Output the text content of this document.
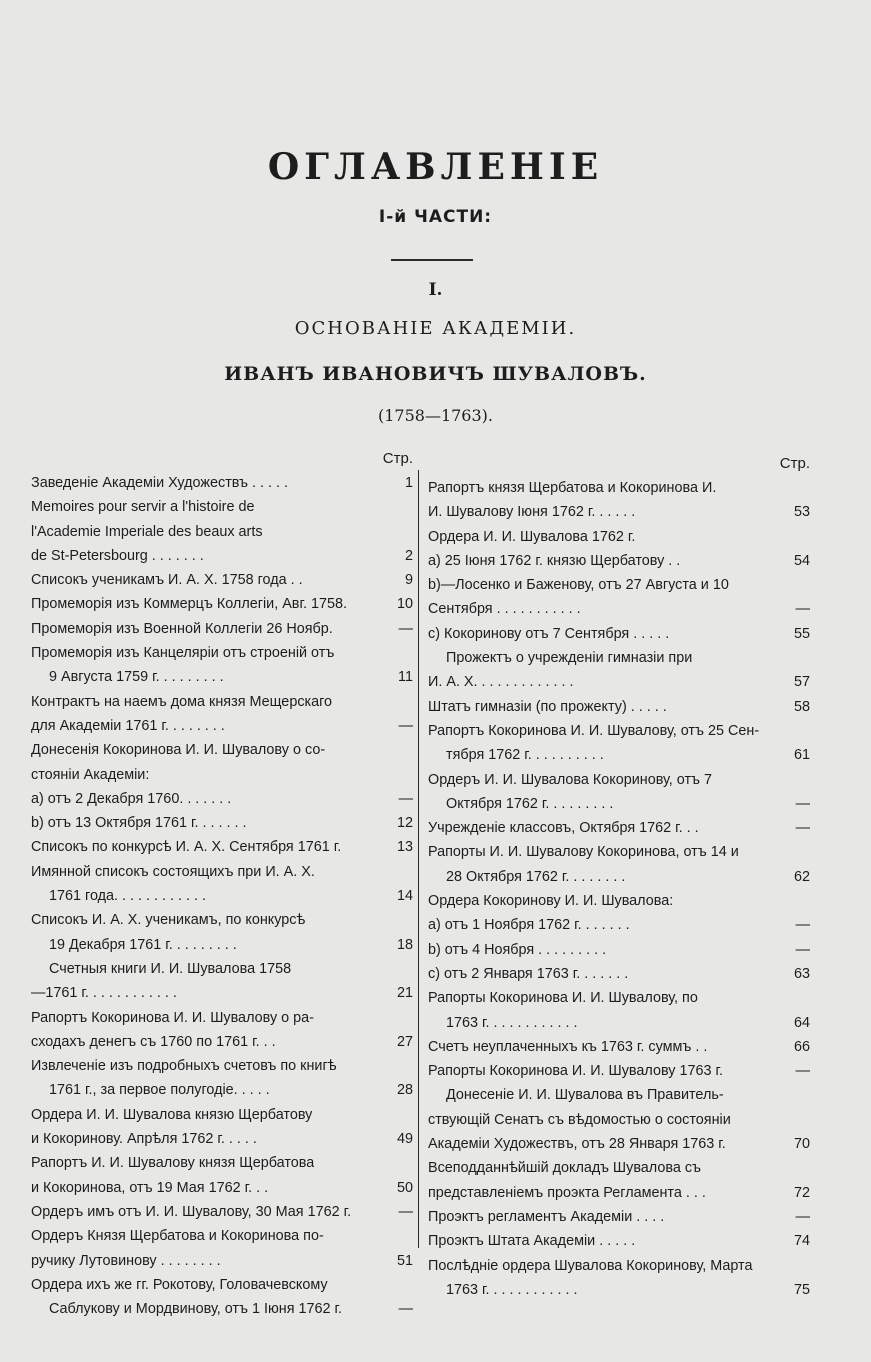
ОГЛАВЛЕНІЕ
І-й ЧАСТИ:
I.
ОСНОВАНІЕ АКАДЕМІИ.
ИВАНЪ ИВАНОВИЧЪ ШУВАЛОВЪ.
(1758—1763).
Стр.
Заведеніе Академіи Художествъ . . . . .	1
Memoires pour servir a l'histoire de
l'Academie Imperiale des beaux arts
de St-Petersbourg . . . . . . .	2
Списокъ ученикамъ И. А. Х. 1758 года . .	9
Промеморія изъ Коммерцъ Коллегіи, Авг. 1758.	10
Промеморія изъ Военной Коллегіи 26 Ноябр.	—
Промеморія изъ Канцеляріи отъ строеній отъ
9 Августа 1759 г. . . . . . . . .	11
Контрактъ на наемъ дома князя Мещерскаго
для Академіи 1761 г. . . . . . . .	—
Донесенія Кокоринова И. И. Шувалову о со-
стояніи Академіи:
a) отъ 2 Декабря 1760. . . . . . .	—
b) отъ 13 Октября 1761 г. . . . . . .	12
Списокъ по конкурсѣ И. А. Х. Сентября 1761 г.	13
Имянной списокъ состоящихъ при И. А. Х.
1761 года. . . . . . . . . . . .	14
Списокъ И. А. Х. ученикамъ, по конкурсѣ
19 Декабря 1761 г. . . . . . . . .	18
Счетныя книги И. И. Шувалова 1758
—1761 г. . . . . . . . . . . .	21
Рапортъ Кокоринова И. И. Шувалову о ра-
сходахъ денегъ съ 1760 по 1761 г. . .	27
Извлеченіе изъ подробныхъ счетовъ по книгѣ
1761 г., за первое полугодіе. . . . .	28
Ордера И. И. Шувалова князю Щербатову
и Кокоринову. Апрѣля 1762 г. . . . .	49
Рапортъ И. И. Шувалову князя Щербатова
и Кокоринова, отъ 19 Мая 1762 г. . .	50
Ордеръ имъ отъ И. И. Шувалову, 30 Мая 1762 г.	—
Ордеръ Князя Щербатова и Кокоринова по-
ручику Лутовинову . . . . . . . .	51
Ордера ихъ же гг. Рокотову, Головачевскому
Саблукову и Мордвинову, отъ 1 Іюня 1762 г.	—
Стр.
Рапортъ князя Щербатова и Кокоринова И.
И. Шувалову Іюня 1762 г. . . . . .	53
Ордера И. И. Шувалова 1762 г.
a) 25 Іюня 1762 г. князю Щербатову . .	54
b)—Лосенко и Баженову, отъ 27 Августа и 10
Сентября . . . . . . . . . . .	—
c) Кокоринову отъ 7 Сентября . . . . .	55
Прожектъ о учрежденіи гимназіи при
И. А. Х. . . . . . . . . . . . .	57
Штатъ гимназіи (по прожекту) . . . . .	58
Рапортъ Кокоринова И. И. Шувалову, отъ 25 Сен-
тября 1762 г. . . . . . . . . .	61
Ордеръ И. И. Шувалова Кокоринову, отъ 7
Октября 1762 г. . . . . . . . .	—
Учрежденіе классовъ, Октября 1762 г. . .	—
Рапорты И. И. Шувалову Кокоринова, отъ 14 и
28 Октября 1762 г. . . . . . . .	62
Ордера Кокоринову И. И. Шувалова:
a) отъ 1 Ноября 1762 г. . . . . . .	—
b) отъ 4 Ноября . . . . . . . . .	—
c) отъ 2 Января 1763 г. . . . . . .	63
Рапорты Кокоринова И. И. Шувалову, по
1763 г. . . . . . . . . . . .	64
Счетъ неуплаченныхъ къ 1763 г. суммъ . .	66
Рапорты Кокоринова И. И. Шувалову 1763 г.	—
Донесеніе И. И. Шувалова въ Правитель-
ствующій Сенатъ съ вѣдомостью о состояніи
Академіи Художествъ, отъ 28 Января 1763 г.	70
Всеподданнѣйшій докладъ Шувалова съ
представленіемъ проэкта Регламента . . .	72
Проэктъ регламентъ Академіи . . . .	—
Проэктъ Штата Академіи . . . . .	74
Послѣдніе ордера Шувалова Кокоринову, Марта
1763 г. . . . . . . . . . . .	75
